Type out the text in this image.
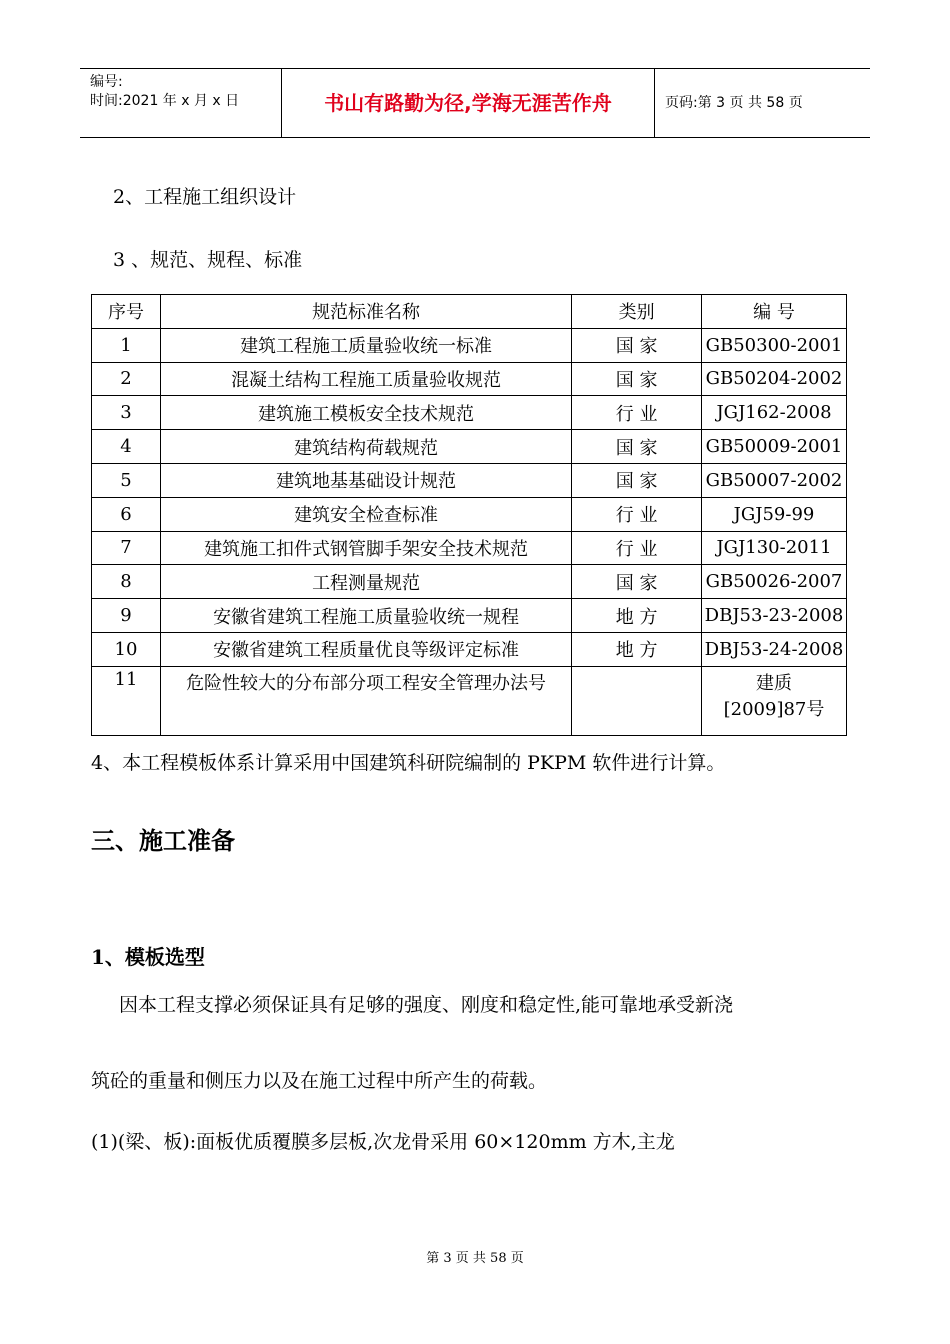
编号:
时间:2021 年 x 月 x 日	书山有路勤为径,学海无涯苦作舟	页码:第 3 页 共 58 页
2、工程施工组织设计
3 、规范、规程、标准
序号	规范标准名称	类别	编 号
1	建筑工程施工质量验收统一标准	国 家	GB50300-2001
2	混凝土结构工程施工质量验收规范	国 家	GB50204-2002
3	建筑施工模板安全技术规范	行 业	JGJ162-2008
4	建筑结构荷载规范	国 家	GB50009-2001
5	建筑地基基础设计规范	国 家	GB50007-2002
6	建筑安全检查标准	行 业	JGJ59-99
7	建筑施工扣件式钢管脚手架安全技术规范	行 业	JGJ130-2011
8	工程测量规范	国 家	GB50026-2007
9	安徽省建筑工程施工质量验收统一规程	地 方	DBJ53-23-2008
10	安徽省建筑工程质量优良等级评定标准	地 方	DBJ53-24-2008
11	危险性较大的分布部分项工程安全管理办法号		建质[2009]87号
4、本工程模板体系计算采用中国建筑科研院编制的 PKPM 软件进行计算。
三、施工准备
1、模板选型
因本工程支撑必须保证具有足够的强度、刚度和稳定性,能可靠地承受新浇
筑砼的重量和侧压力以及在施工过程中所产生的荷载。
(1)(梁、板):面板优质覆膜多层板,次龙骨采用 60×120mm 方木,主龙
第 3 页 共 58 页
